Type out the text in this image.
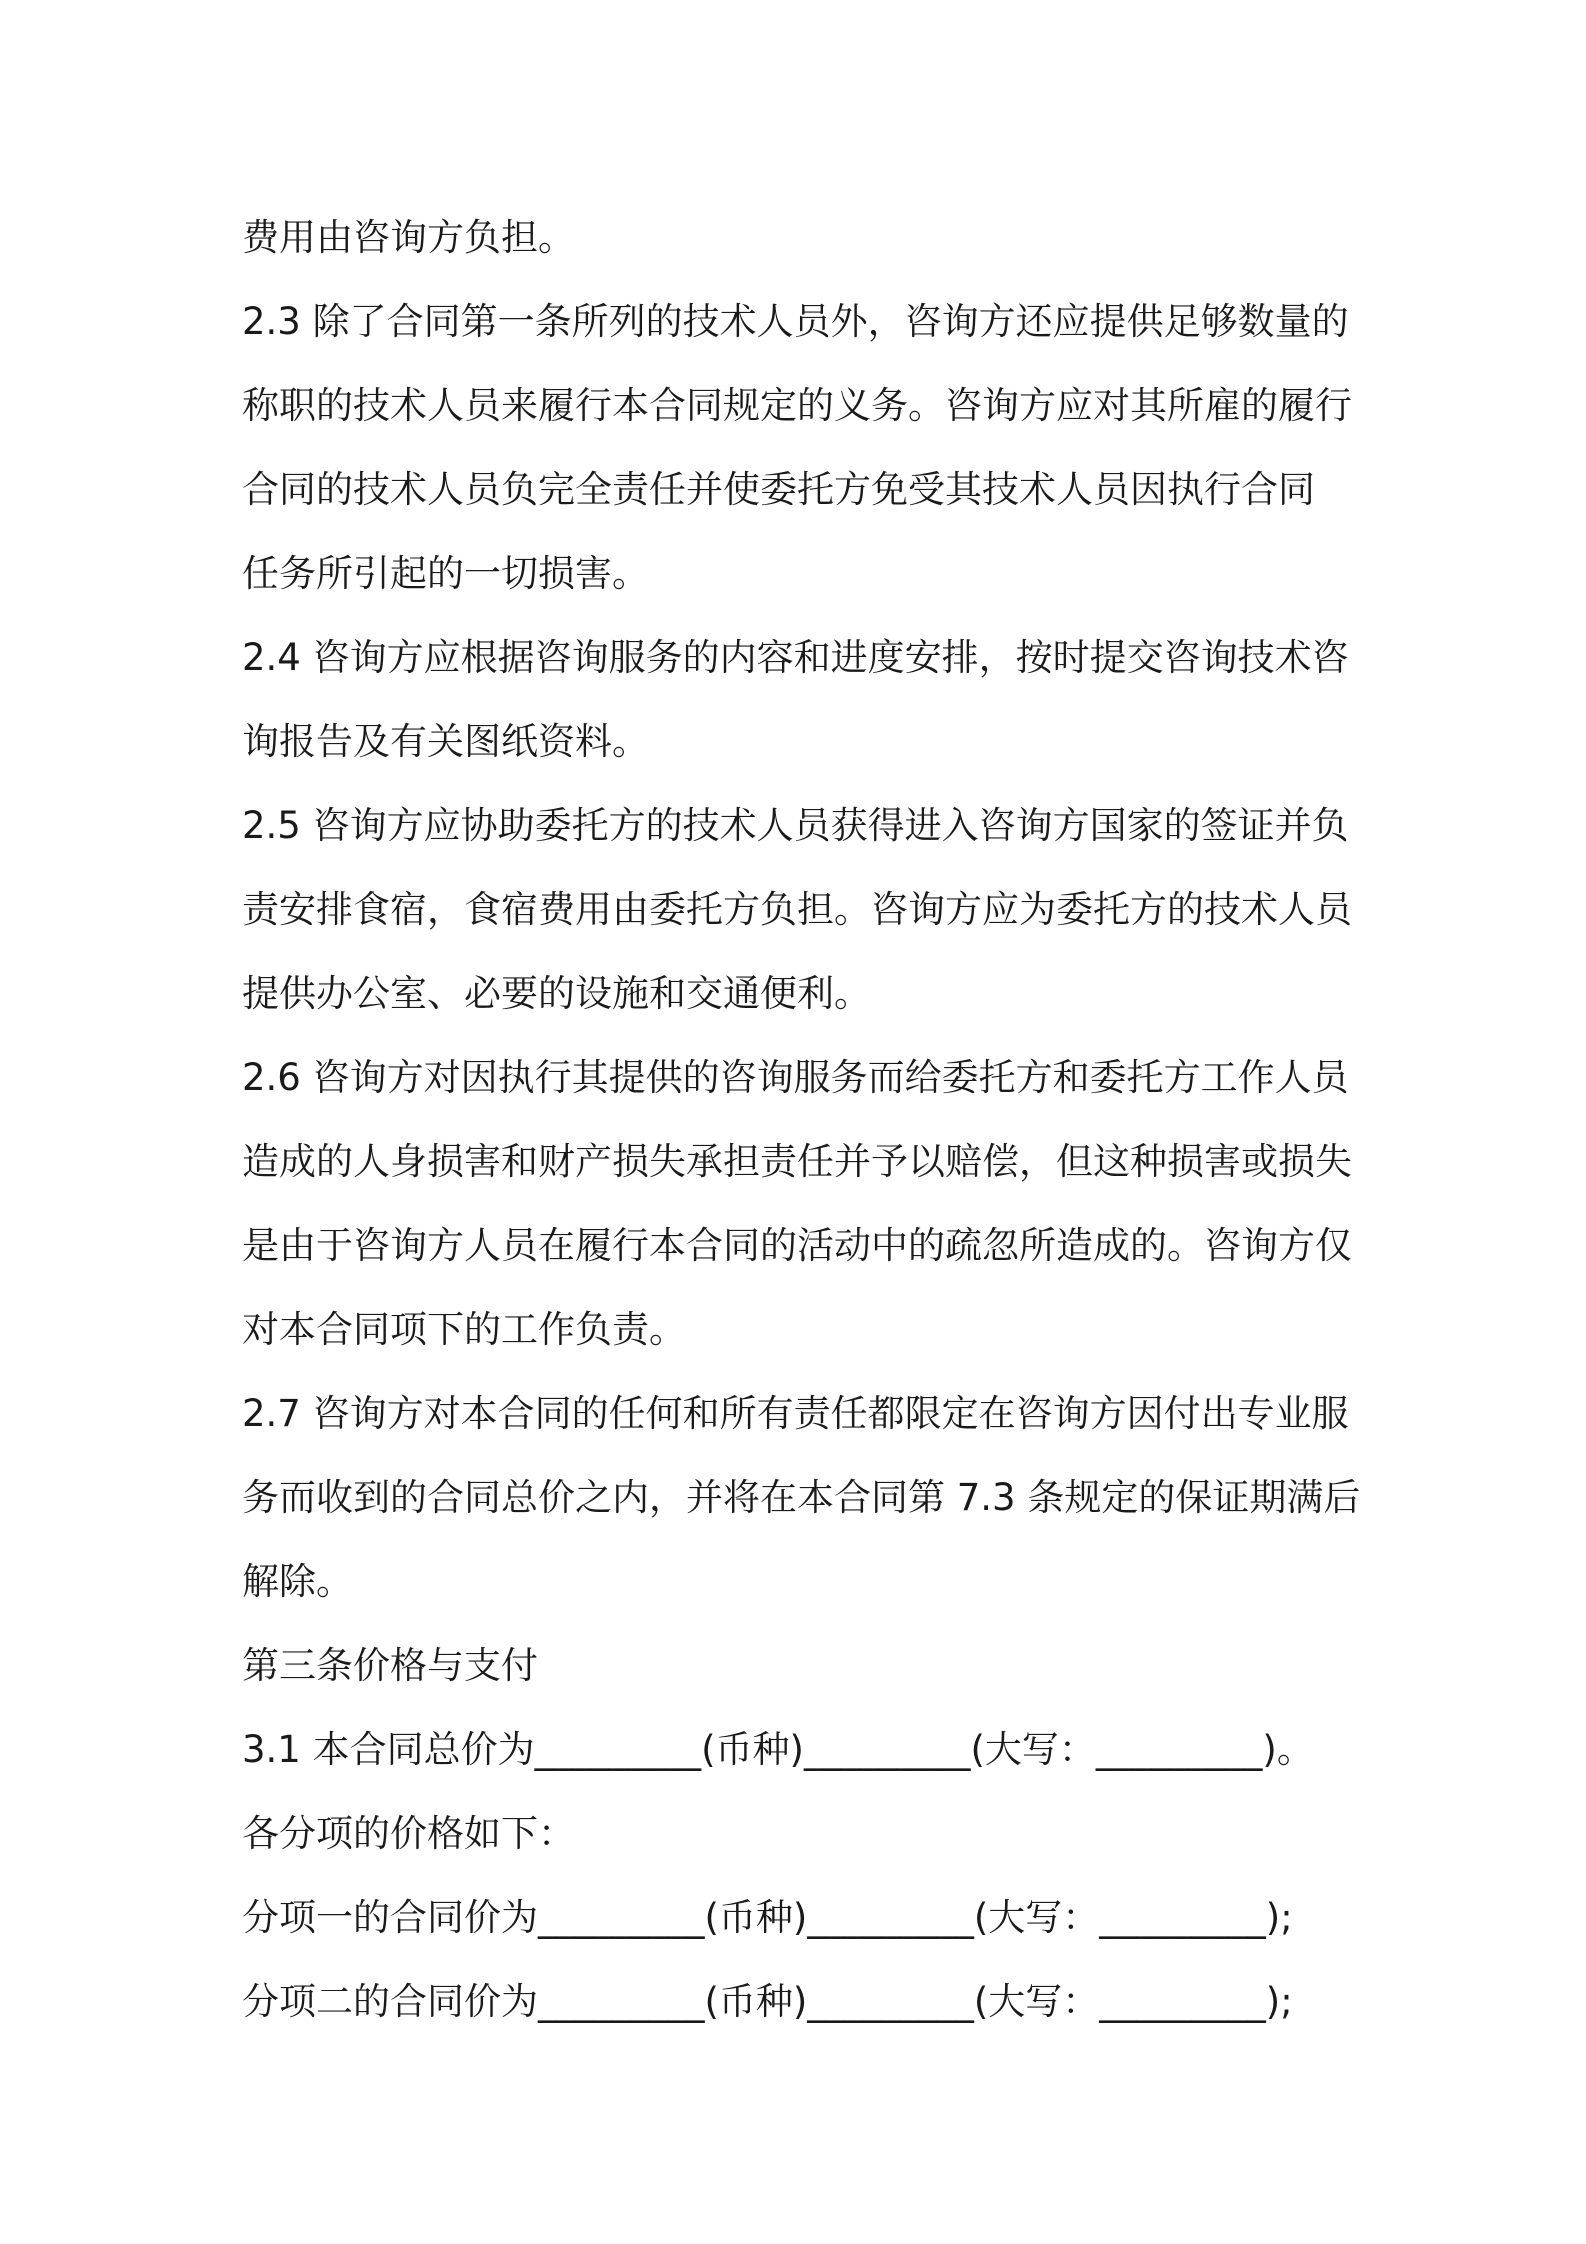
费用由咨询方负担。
2.3 除了合同第一条所列的技术人员外，咨询方还应提供足够数量的
称职的技术人员来履行本合同规定的义务。咨询方应对其所雇的履行
合同的技术人员负完全责任并使委托方免受其技术人员因执行合同
任务所引起的一切损害。
2.4 咨询方应根据咨询服务的内容和进度安排，按时提交咨询技术咨
询报告及有关图纸资料。
2.5 咨询方应协助委托方的技术人员获得进入咨询方国家的签证并负
责安排食宿，食宿费用由委托方负担。咨询方应为委托方的技术人员
提供办公室、必要的设施和交通便利。
2.6 咨询方对因执行其提供的咨询服务而给委托方和委托方工作人员
造成的人身损害和财产损失承担责任并予以赔偿，但这种损害或损失
是由于咨询方人员在履行本合同的活动中的疏忽所造成的。咨询方仅
对本合同项下的工作负责。
2.7 咨询方对本合同的任何和所有责任都限定在咨询方因付出专业服
务而收到的合同总价之内，并将在本合同第 7.3 条规定的保证期满后
解除。
第三条价格与支付
3.1 本合同总价为_________(币种)_________(大写：_________)。
各分项的价格如下：
分项一的合同价为_________(币种)_________(大写：_________);
分项二的合同价为_________(币种)_________(大写：_________);
